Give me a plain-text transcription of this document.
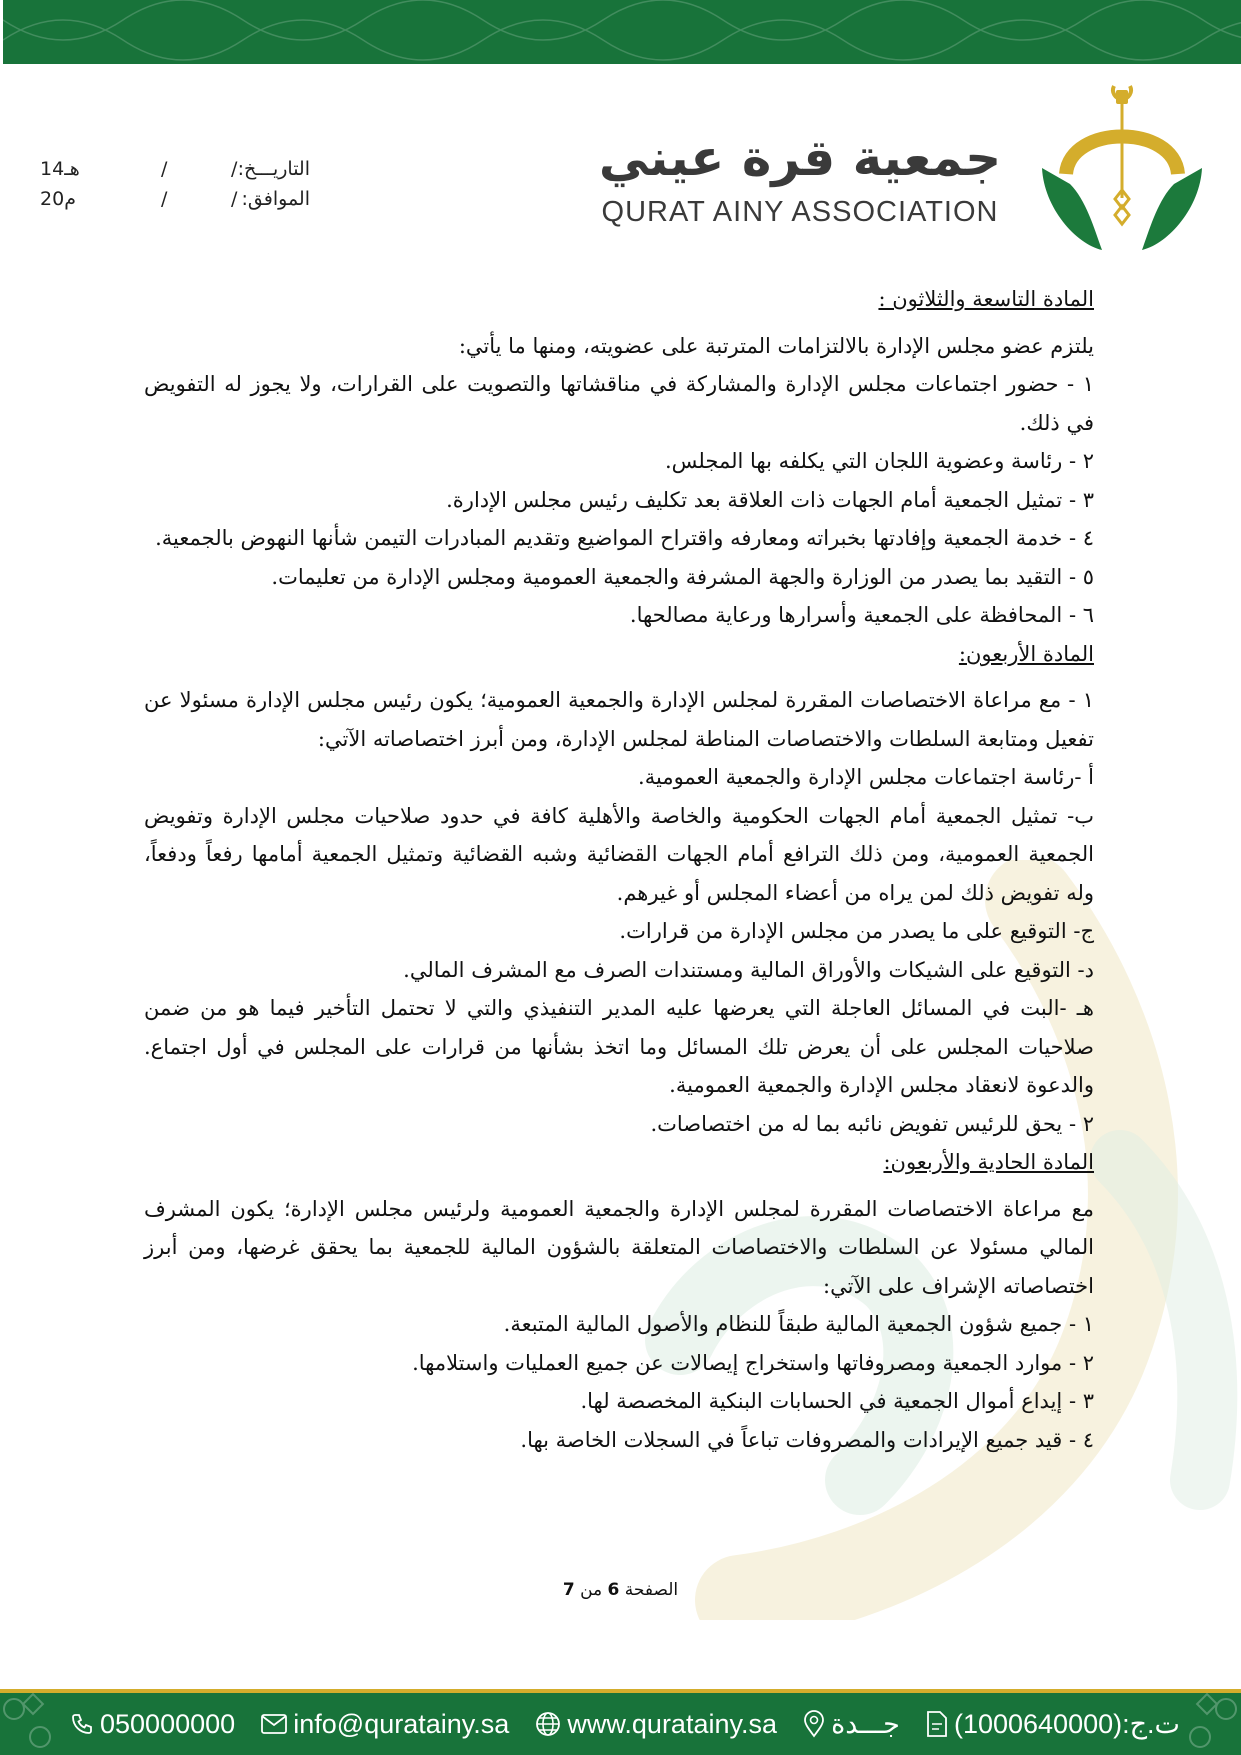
جمعية قرة عيني
QURAT AINY ASSOCIATION
التاريـــخ:
/
14هـ
الموافق:
/
20م
/
/

المادة التاسعة والثلاثون :

يلتزم عضو مجلس الإدارة بالالتزامات المترتبة على عضويته، ومنها ما يأتي:

١ - حضور اجتماعات مجلس الإدارة والمشاركة في مناقشاتها والتصويت على القرارات، ولا يجوز له التفويض في ذلك.

٢ - رئاسة وعضوية اللجان التي يكلفه بها المجلس.

٣ - تمثيل الجمعية أمام الجهات ذات العلاقة بعد تكليف رئيس مجلس الإدارة.

٤ - خدمة الجمعية وإفادتها بخبراته ومعارفه واقتراح المواضيع وتقديم المبادرات التيمن شأنها النهوض بالجمعية.

٥ - التقيد بما يصدر من الوزارة والجهة المشرفة والجمعية العمومية ومجلس الإدارة من تعليمات.

٦ - المحافظة على الجمعية وأسرارها ورعاية مصالحها.

المادة الأربعون:

١ - مع مراعاة الاختصاصات المقررة لمجلس الإدارة والجمعية العمومية؛ يكون رئيس مجلس الإدارة مسئولا عن تفعيل ومتابعة السلطات والاختصاصات المناطة لمجلس الإدارة، ومن أبرز اختصاصاته الآتي:

أ -رئاسة اجتماعات مجلس الإدارة والجمعية العمومية.

ب- تمثيل الجمعية أمام الجهات الحكومية والخاصة والأهلية كافة في حدود صلاحيات مجلس الإدارة وتفويض الجمعية العمومية، ومن ذلك الترافع أمام الجهات القضائية وشبه القضائية وتمثيل الجمعية أمامها رفعاً ودفعاً، وله تفويض ذلك لمن يراه من أعضاء المجلس أو غيرهم.

ج- التوقيع على ما يصدر من مجلس الإدارة من قرارات.

د- التوقيع على الشيكات والأوراق المالية ومستندات الصرف مع المشرف المالي.

هـ -البت في المسائل العاجلة التي يعرضها عليه المدير التنفيذي والتي لا تحتمل التأخير فيما هو من ضمن صلاحيات المجلس على أن يعرض تلك المسائل وما اتخذ بشأنها من قرارات على المجلس في أول اجتماع. والدعوة لانعقاد مجلس الإدارة والجمعية العمومية.

٢ - يحق للرئيس تفويض نائبه بما له من اختصاصات.

المادة الحادية والأربعون:

مع مراعاة الاختصاصات المقررة لمجلس الإدارة والجمعية العمومية ولرئيس مجلس الإدارة؛ يكون المشرف المالي مسئولا عن السلطات والاختصاصات المتعلقة بالشؤون المالية للجمعية بما يحقق غرضها، ومن أبرز اختصاصاته الإشراف على الآتي:

١ - جميع شؤون الجمعية المالية طبقاً للنظام والأصول المالية المتبعة.

٢ - موارد الجمعية ومصروفاتها واستخراج إيصالات عن جميع العمليات واستلامها.

٣ - إيداع أموال الجمعية في الحسابات البنكية المخصصة لها.

٤ - قيد جميع الإيرادات والمصروفات تباعاً في السجلات الخاصة بها.

الصفحة 6 من 7
050000000 info@quratainy.sa www.quratainy.sa جـــدة (1000640000):ت.ج
